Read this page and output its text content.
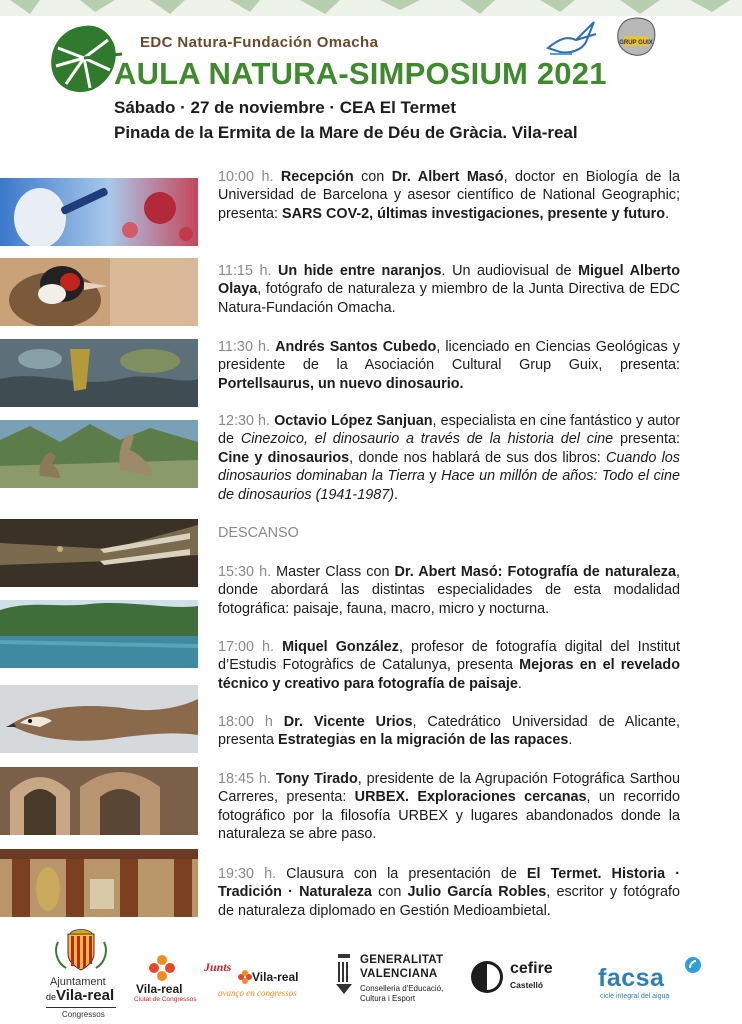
EDC Natura-Fundación Omacha
AULA NATURA-SIMPOSIUM 2021
Sábado · 27 de noviembre · CEA El Termet
Pinada de la Ermita de la Mare de Déu de Gràcia. Vila-real
GRUP GUIX
10:00 h. Recepción con Dr. Albert Masó, doctor en Biología de la Universidad de Barcelona y asesor científico de National Geographic; presenta: SARS COV-2, últimas investigaciones, presente y futuro.
11:15 h. Un hide entre naranjos. Un audiovisual de Miguel Alberto Olaya, fotógrafo de naturaleza y miembro de la Junta Directiva de EDC Natura-Fundación Omacha.
11:30 h. Andrés Santos Cubedo, licenciado en Ciencias Geológicas y presidente de la Asociación Cultural Grup Guix, presenta: Portellsaurus, un nuevo dinosaurio.
12:30 h. Octavio López Sanjuan, especialista en cine fantástico y autor de Cinezoico, el dinosaurio a través de la historia del cine presenta: Cine y dinosaurios, donde nos hablará de sus dos libros: Cuando los dinosaurios dominaban la Tierra y Hace un millón de años: Todo el cine de dinosaurios (1941-1987).
DESCANSO
15:30 h. Master Class con Dr. Abert Masó: Fotografía de naturaleza, donde abordará las distintas especialidades de esta modalidad fotográfica: paisaje, fauna, macro, micro y nocturna.
17:00 h. Miquel González, profesor de fotografía digital del Institut d’Estudis Fotogràfics de Catalunya, presenta Mejoras en el revelado técnico y creativo para fotografía de paisaje.
18:00 h Dr. Vicente Urios, Catedrático Universidad de Alicante, presenta Estrategias en la migración de las rapaces.
18:45 h. Tony Tirado, presidente de la Agrupación Fotográfica Sarthou Carreres, presenta: URBEX. Exploraciones cercanas, un recorrido fotográfico por la filosofía URBEX y lugares abandonados donde la naturaleza se abre paso.
19:30 h. Clausura con la presentación de El Termet. Historia · Tradición · Naturaleza con Julio García Robles, escritor y fotógrafo de naturaleza diplomado en Gestión Medioambietal.
Ajuntament
deVila-real
Congressos
Vila-real
Ciutat de Congressos
Junts
Vila-real
avanço en congressos
GENERALITAT
VALENCIANA
Conselleria d'Educació,
Cultura i Esport
cefire
Castelló facsa
cicle integral del aigua
